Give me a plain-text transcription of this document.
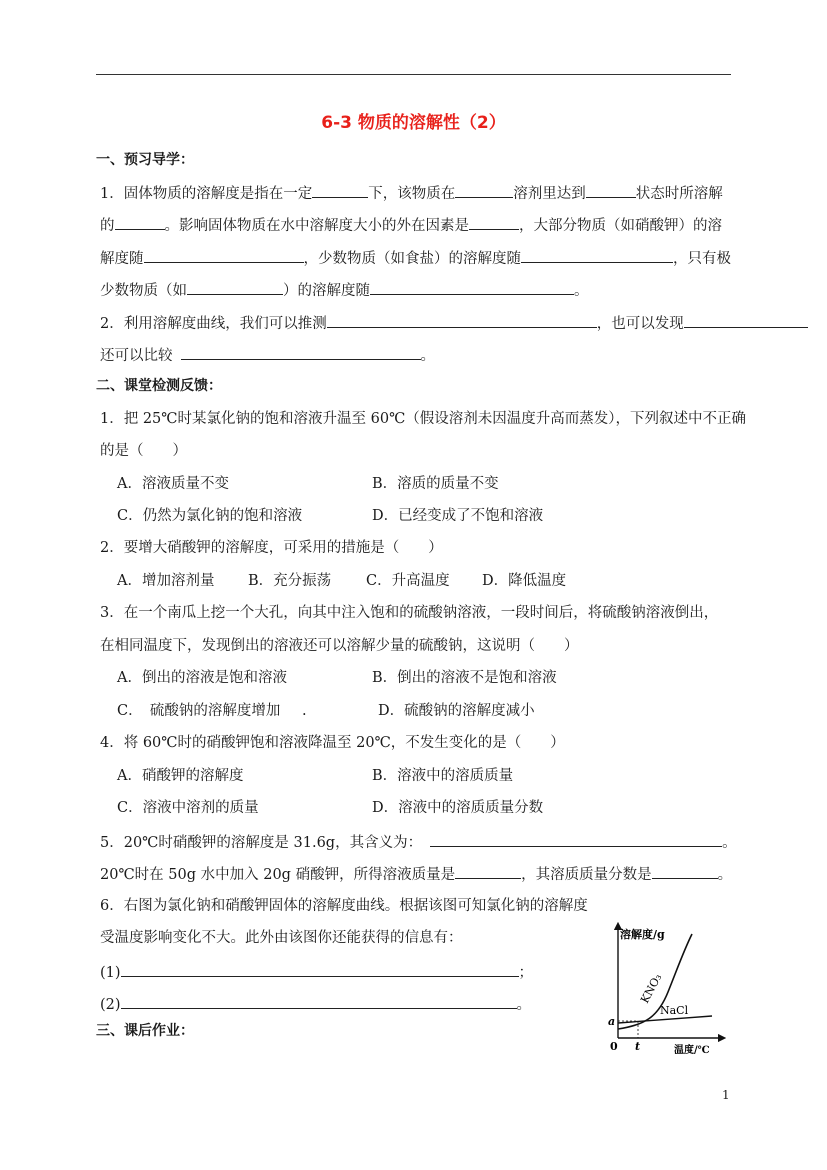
6-3 物质的溶解性（2）
一、预习导学：
1．固体物质的溶解度是指在一定	下，该物质在	溶剂里达到	状态时所溶解
的	。影响固体物质在水中溶解度大小的外在因素是	，大部分物质（如硝酸钾）的溶
解度随	，少数物质（如食盐）的溶解度随	，只有极
少数物质（如	）的溶解度随	。
2．利用溶解度曲线，我们可以推测	，也可以发现
还可以比较	。
二、课堂检测反馈：
1．把 25℃时某氯化钠的饱和溶液升温至 60℃（假设溶剂未因温度升高而蒸发），下列叙述中不正确
的是（　　）
A．溶液质量不变	B．溶质的质量不变
C．仍然为氯化钠的饱和溶液	D．已经变成了不饱和溶液
2．要增大硝酸钾的溶解度，可采用的措施是（　　）
A．增加溶剂量 B．充分振荡 C．升高温度 D．降低温度
3．在一个南瓜上挖一个大孔，向其中注入饱和的硫酸钠溶液，一段时间后，将硫酸钠溶液倒出，
在相同温度下，发现倒出的溶液还可以溶解少量的硫酸钠，这说明（　　）
A．倒出的溶液是饱和溶液	B．倒出的溶液不是饱和溶液
C．　硫酸钠的溶解度增加 .	D．硫酸钠的溶解度减小
4．将 60℃时的硝酸钾饱和溶液降温至 20℃，不发生变化的是（　　）
A．硝酸钾的溶解度	B．溶液中的溶质质量
C．溶液中溶剂的质量	D．溶液中的溶质质量分数
5．20℃时硝酸钾的溶解度是 31.6g，其含义为：	。
20℃时在 50g 水中加入 20g 硝酸钾，所得溶液质量是	，其溶质质量分数是	。
6．右图为氯化钠和硝酸钾固体的溶解度曲线。根据该图可知氯化钠的溶解度
受温度影响变化不大。此外由该图你还能获得的信息有：
(1)	；
(2)	。
三、课后作业：
溶解度/g
温度/℃
KNO₃
NaCl
a
0 t
1
